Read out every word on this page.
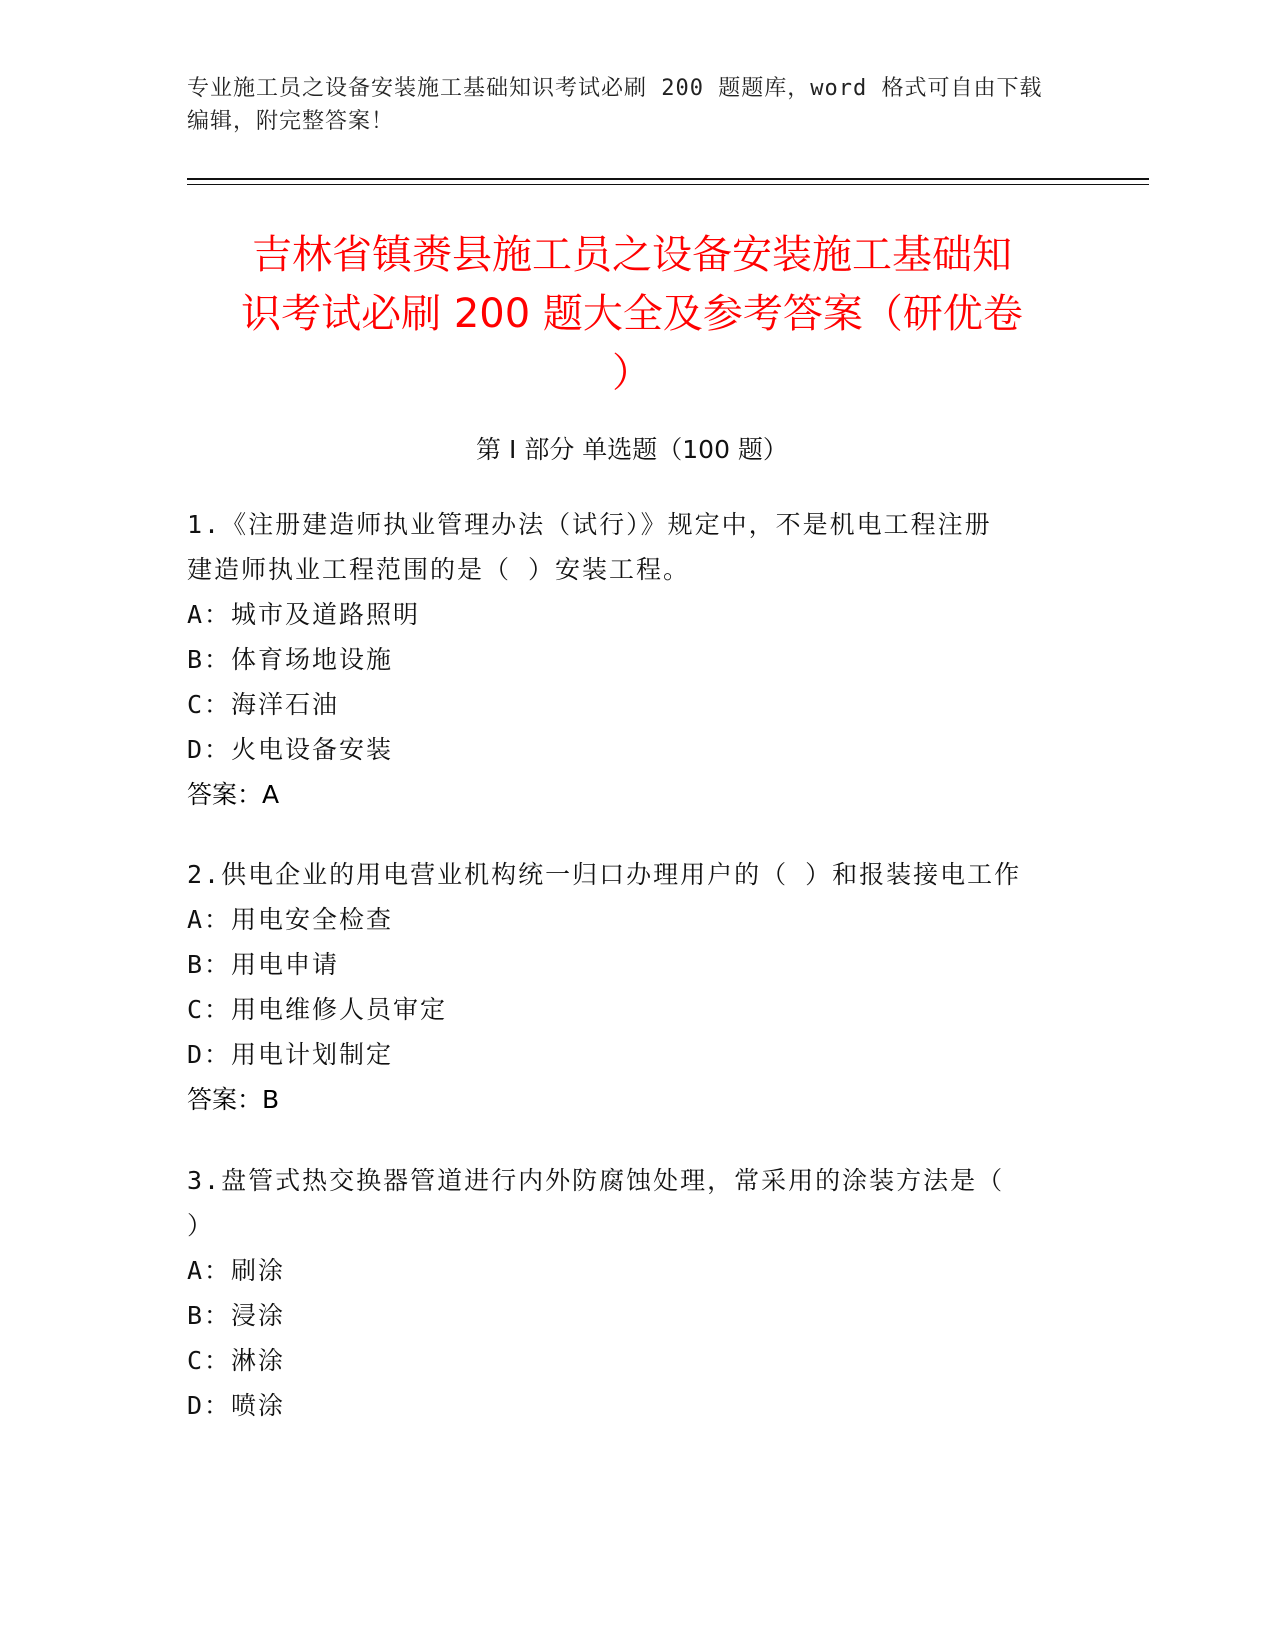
专业施工员之设备安装施工基础知识考试必刷 200 题题库，word 格式可自由下载
编辑，附完整答案！
吉林省镇赉县施工员之设备安装施工基础知
识考试必刷 200 题大全及参考答案（研优卷
）
第 I 部分 单选题（100 题）
1.《注册建造师执业管理办法（试行）》规定中，不是机电工程注册
建造师执业工程范围的是（ ）安装工程。
A：城市及道路照明
B：体育场地设施
C：海洋石油
D：火电设备安装
答案：A
2.供电企业的用电营业机构统一归口办理用户的（ ）和报装接电工作
A：用电安全检查
B：用电申请
C：用电维修人员审定
D：用电计划制定
答案：B
3.盘管式热交换器管道进行内外防腐蚀处理，常采用的涂装方法是（
）
A：刷涂
B：浸涂
C：淋涂
D：喷涂
